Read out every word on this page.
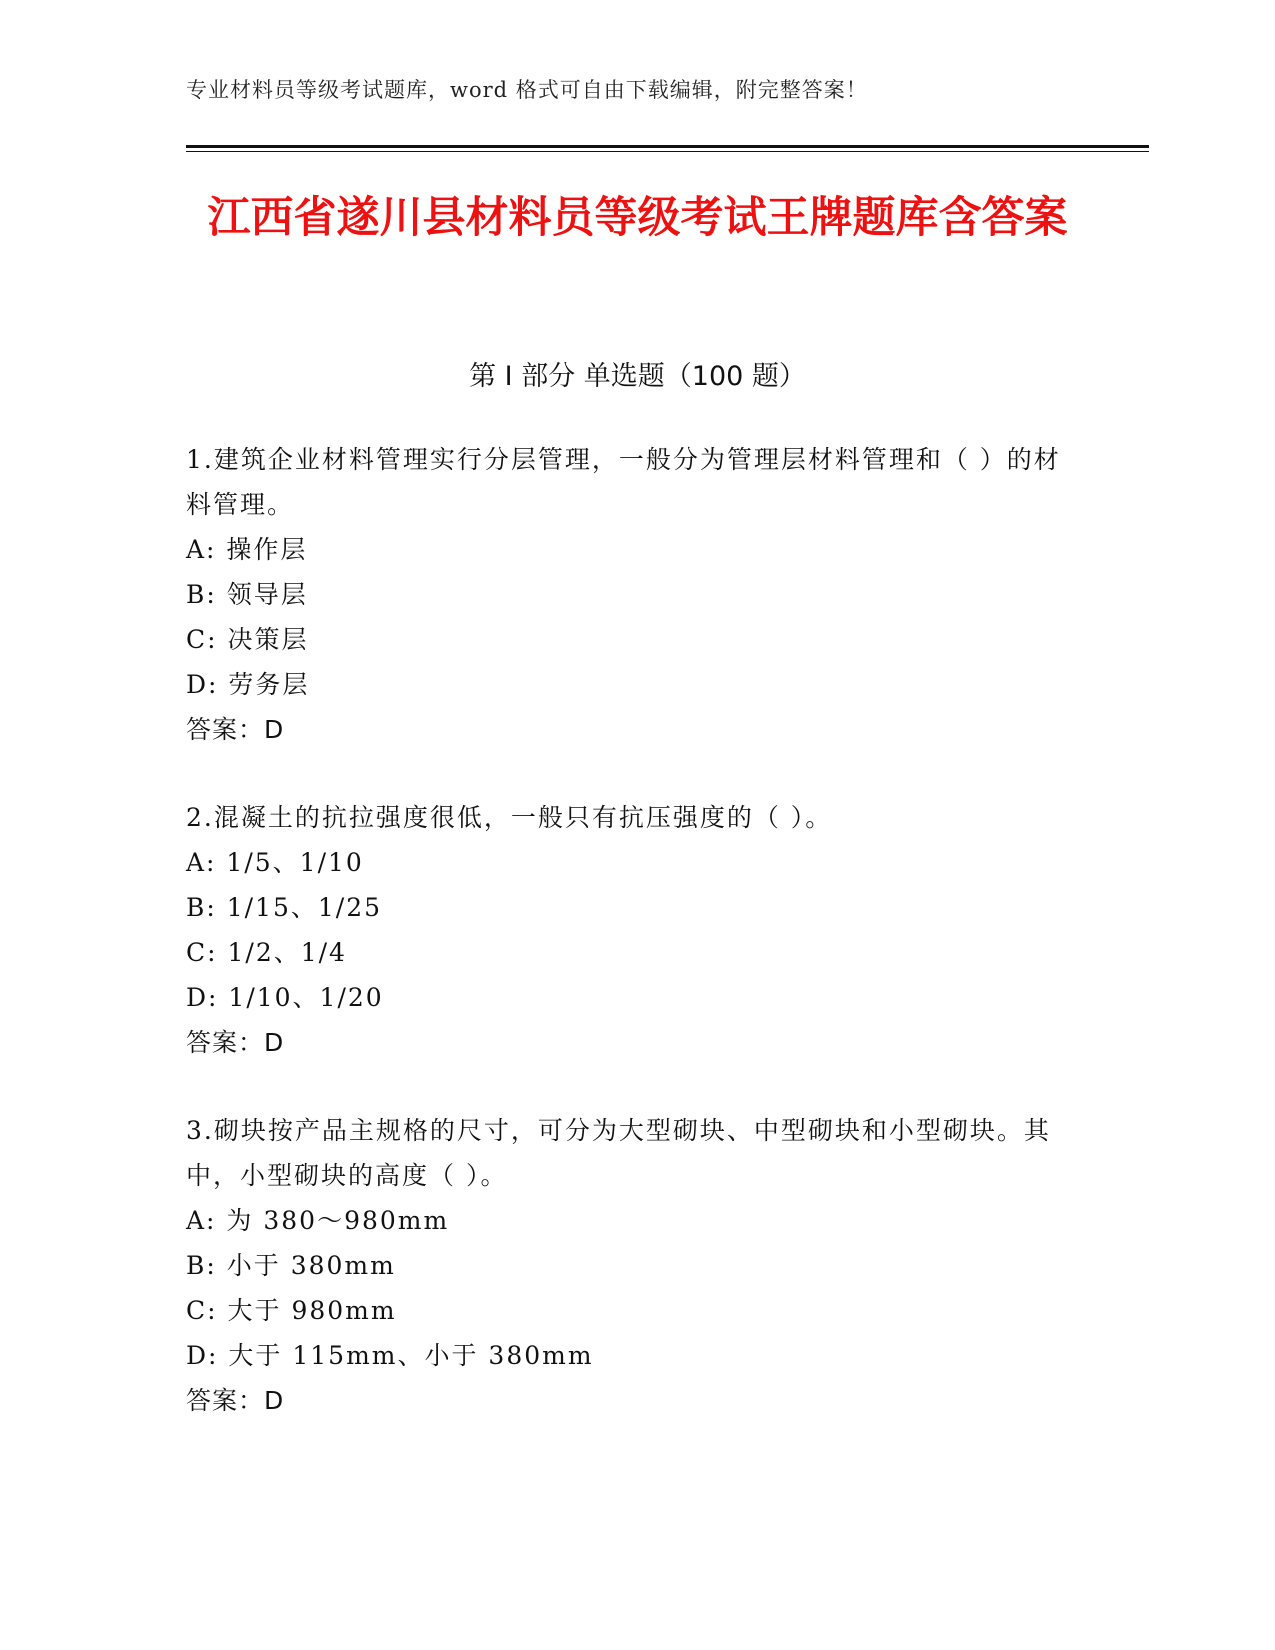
专业材料员等级考试题库，word 格式可自由下载编辑，附完整答案！
江西省遂川县材料员等级考试王牌题库含答案
第 I 部分 单选题（100 题）
1.建筑企业材料管理实行分层管理，一般分为管理层材料管理和（ ）的材料管理。
A: 操作层
B: 领导层
C: 决策层
D: 劳务层
答案：D
2.混凝土的抗拉强度很低，一般只有抗压强度的（ ）。
A: 1/5、1/10
B: 1/15、1/25
C: 1/2、1/4
D: 1/10、1/20
答案：D
3.砌块按产品主规格的尺寸，可分为大型砌块、中型砌块和小型砌块。其中，小型砌块的高度（ ）。
A: 为 380～980mm
B: 小于 380mm
C: 大于 980mm
D: 大于 115mm、小于 380mm
答案：D
